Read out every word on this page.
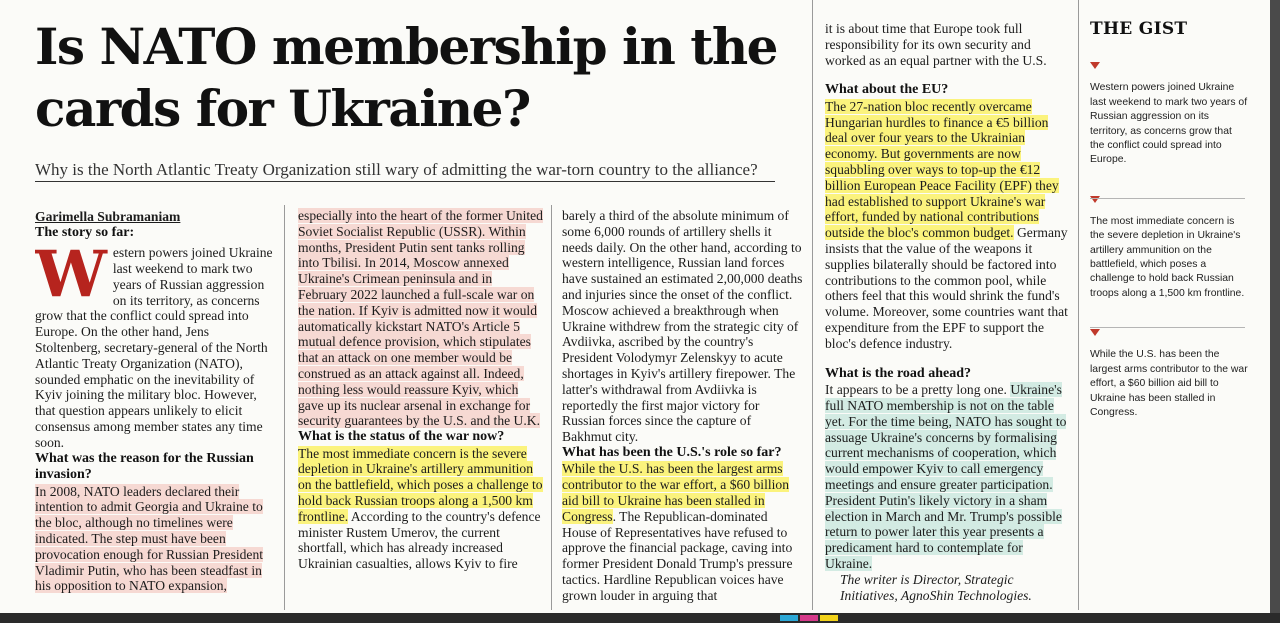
Is NATO membership in the
cards for Ukraine?
Why is the North Atlantic Treaty Organization still wary of admitting the war-torn country to the alliance?

Garimella Subramaniam

The story so far:

Western powers joined Ukraine last weekend to mark two years of Russian aggression on its territory, as concerns grow that the conflict could spread into Europe. On the other hand, Jens Stoltenberg, secretary-general of the North Atlantic Treaty Organization (NATO), sounded emphatic on the inevitability of Kyiv joining the military bloc. However, that question appears unlikely to elicit consensus among member states any time soon.

What was the reason for the Russian invasion?

In 2008, NATO leaders declared their intention to admit Georgia and Ukraine to the bloc, although no timelines were indicated. The step must have been provocation enough for Russian President Vladimir Putin, who has been steadfast in his opposition to NATO expansion,

especially into the heart of the former United Soviet Socialist Republic (USSR). Within months, President Putin sent tanks rolling into Tbilisi. In 2014, Moscow annexed Ukraine's Crimean peninsula and in February 2022 launched a full-scale war on the nation. If Kyiv is admitted now it would automatically kickstart NATO's Article 5 mutual defence provision, which stipulates that an attack on one member would be construed as an attack against all. Indeed, nothing less would reassure Kyiv, which gave up its nuclear arsenal in exchange for security guarantees by the U.S. and the U.K.

What is the status of the war now?

The most immediate concern is the severe depletion in Ukraine's artillery ammunition on the battlefield, which poses a challenge to hold back Russian troops along a 1,500 km frontline. According to the country's defence minister Rustem Umerov, the current shortfall, which has already increased Ukrainian casualties, allows Kyiv to fire

barely a third of the absolute minimum of some 6,000 rounds of artillery shells it needs daily. On the other hand, according to western intelligence, Russian land forces have sustained an estimated 2,00,000 deaths and injuries since the onset of the conflict. Moscow achieved a breakthrough when Ukraine withdrew from the strategic city of Avdiivka, ascribed by the country's President Volodymyr Zelenskyy to acute shortages in Kyiv's artillery firepower. The latter's withdrawal from Avdiivka is reportedly the first major victory for Russian forces since the capture of Bakhmut city.

What has been the U.S.'s role so far?

While the U.S. has been the largest arms contributor to the war effort, a $60 billion aid bill to Ukraine has been stalled in Congress. The Republican-dominated House of Representatives have refused to approve the financial package, caving into former President Donald Trump's pressure tactics. Hardline Republican voices have grown louder in arguing that

it is about time that Europe took full responsibility for its own security and worked as an equal partner with the U.S.

What about the EU?

The 27-nation bloc recently overcame Hungarian hurdles to finance a €5 billion deal over four years to the Ukrainian economy. But governments are now squabbling over ways to top-up the €12 billion European Peace Facility (EPF) they had established to support Ukraine's war effort, funded by national contributions outside the bloc's common budget. Germany insists that the value of the weapons it supplies bilaterally should be factored into contributions to the common pool, while others feel that this would shrink the fund's volume. Moreover, some countries want that expenditure from the EPF to support the bloc's defence industry.

What is the road ahead?

It appears to be a pretty long one. Ukraine's full NATO membership is not on the table yet. For the time being, NATO has sought to assuage Ukraine's concerns by formalising current mechanisms of cooperation, which would empower Kyiv to call emergency meetings and ensure greater participation. President Putin's likely victory in a sham election in March and Mr. Trump's possible return to power later this year presents a predicament hard to contemplate for Ukraine.

The writer is Director, Strategic Initiatives, AgnoShin Technologies.

THE GIST
Western powers joined Ukraine last weekend to mark two years of Russian aggression on its territory, as concerns grow that the conflict could spread into Europe.
The most immediate concern is the severe depletion in Ukraine's artillery ammunition on the battlefield, which poses a challenge to hold back Russian troops along a 1,500 km frontline.
While the U.S. has been the largest arms contributor to the war effort, a $60 billion aid bill to Ukraine has been stalled in Congress.
